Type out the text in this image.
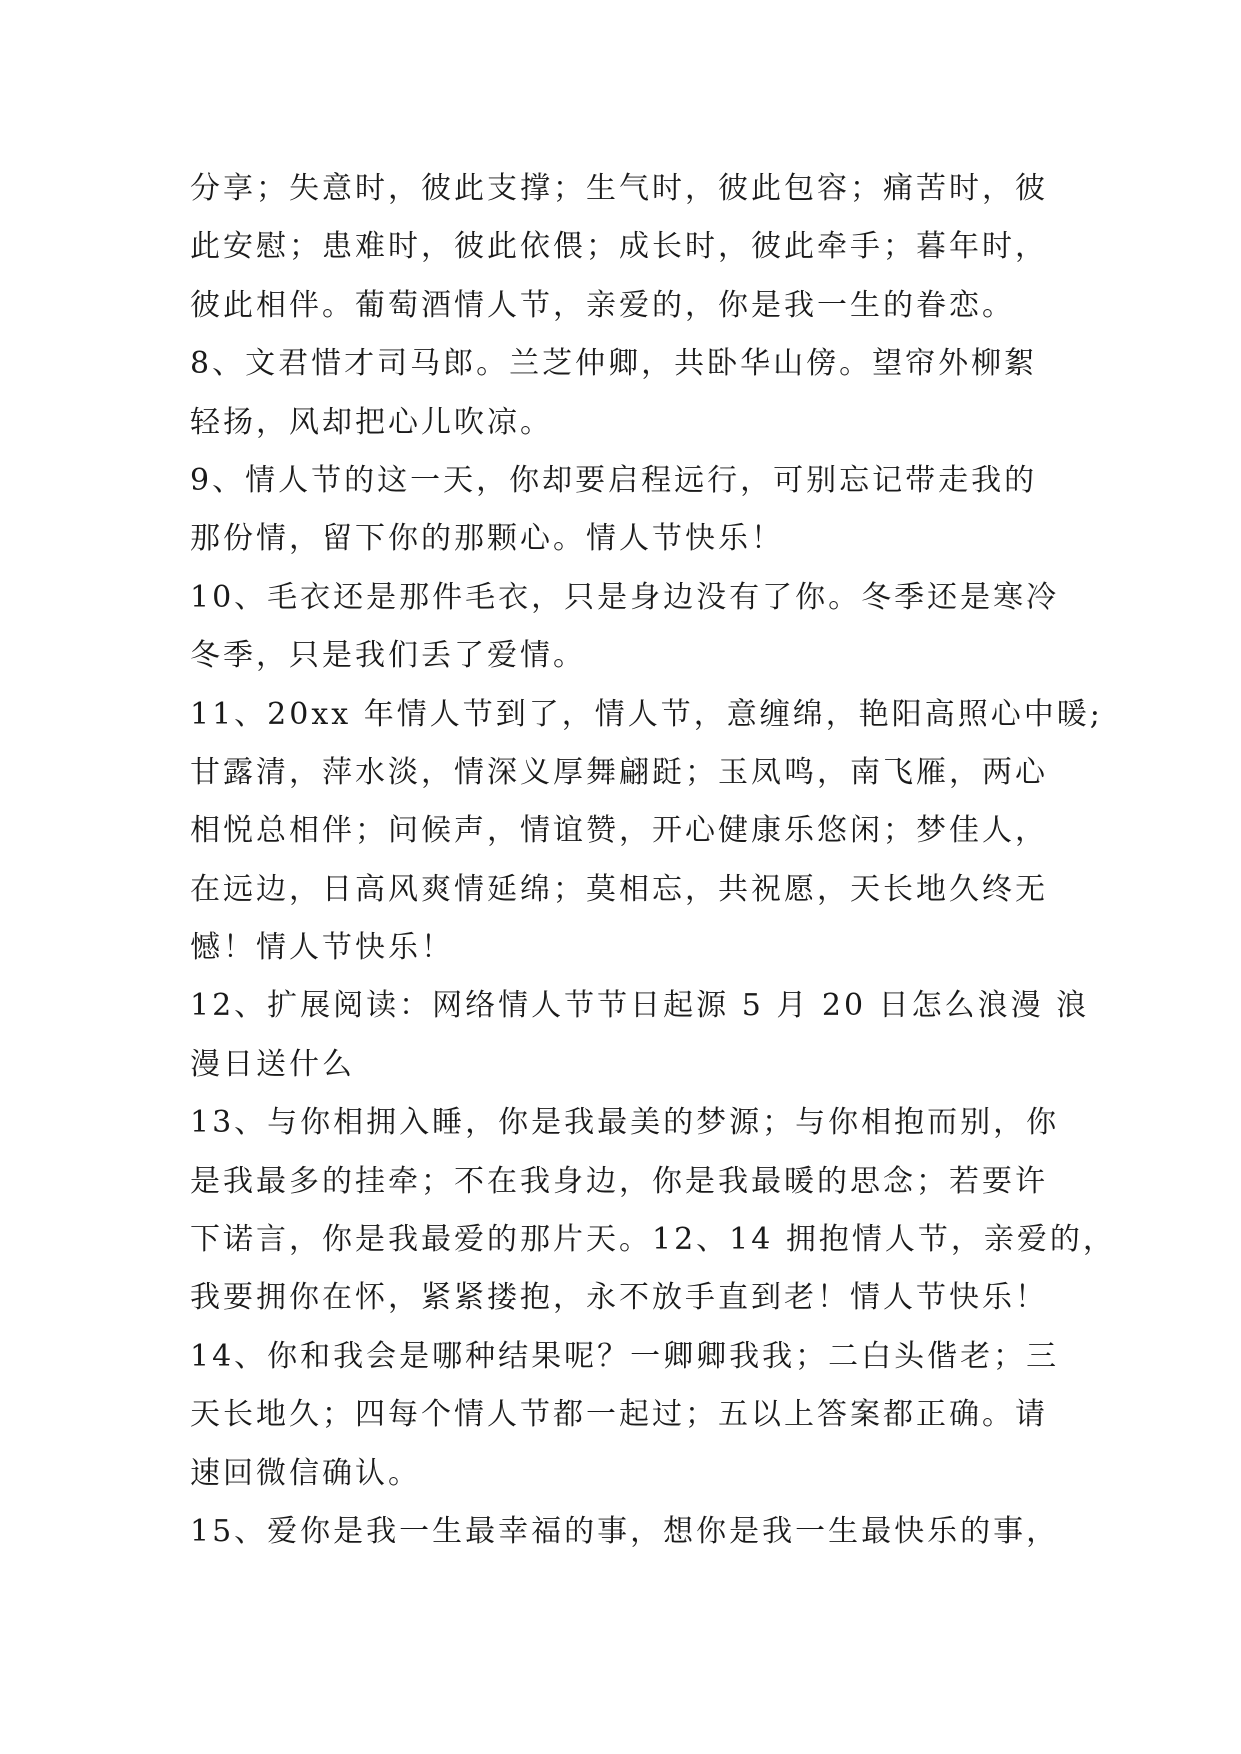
分享；失意时，彼此支撑；生气时，彼此包容；痛苦时，彼
此安慰；患难时，彼此依偎；成长时，彼此牵手；暮年时，
彼此相伴。葡萄酒情人节，亲爱的，你是我一生的眷恋。
8、文君惜才司马郎。兰芝仲卿，共卧华山傍。望帘外柳絮
轻扬，风却把心儿吹凉。
9、情人节的这一天，你却要启程远行，可别忘记带走我的
那份情，留下你的那颗心。情人节快乐！
10、毛衣还是那件毛衣，只是身边没有了你。冬季还是寒冷
冬季，只是我们丢了爱情。
11、20xx 年情人节到了，情人节，意缠绵，艳阳高照心中暖;
甘露清，萍水淡，情深义厚舞翩跹；玉凤鸣，南飞雁，两心
相悦总相伴；问候声，情谊赞，开心健康乐悠闲；梦佳人，
在远边，日高风爽情延绵；莫相忘，共祝愿，天长地久终无
憾！情人节快乐！
12、扩展阅读：网络情人节节日起源 5 月 20 日怎么浪漫 浪
漫日送什么
13、与你相拥入睡，你是我最美的梦源；与你相抱而别，你
是我最多的挂牵；不在我身边，你是我最暖的思念；若要许
下诺言，你是我最爱的那片天。12、14 拥抱情人节，亲爱的，
我要拥你在怀，紧紧搂抱，永不放手直到老！情人节快乐！
14、你和我会是哪种结果呢？一卿卿我我；二白头偕老；三
天长地久；四每个情人节都一起过；五以上答案都正确。请
速回微信确认。
15、爱你是我一生最幸福的事，想你是我一生最快乐的事，
